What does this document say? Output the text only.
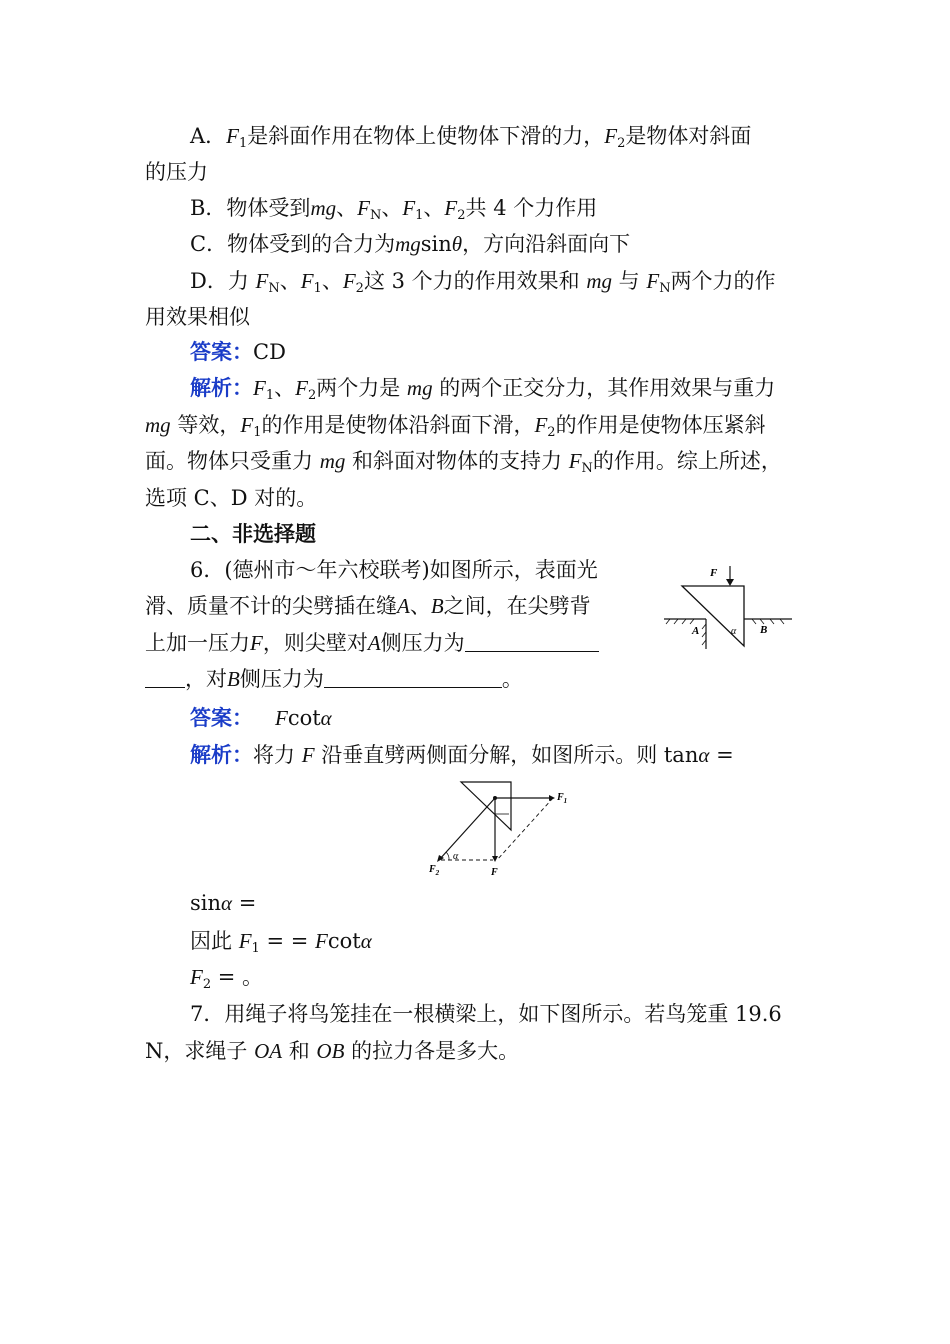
A．F1是斜面作用在物体上使物体下滑的力，F2是物体对斜面
的压力
B．物体受到mg、FN、F1、F2共 4 个力作用
C．物体受到的合力为mgsinθ，方向沿斜面向下
D．力 FN、F1、F2这 3 个力的作用效果和 mg 与 FN两个力的作
用效果相似
答案：CD
解析：F1、F2两个力是 mg 的两个正交分力，其作用效果与重力
mg 等效，F1的作用是使物体沿斜面下滑，F2的作用是使物体压紧斜
面。物体只受重力 mg 和斜面对物体的支持力 FN的作用。综上所述，
选项 C、D 对的。
二、非选择题
6．(德州市～年六校联考)如图所示，表面光
滑、质量不计的尖劈插在缝A、B之间，在尖劈背
上加一压力F，则尖壁对A侧压力为
，对B侧压力为	。
F
A	α B
答案： Fcotα
解析：将力 F 沿垂直劈两侧面分解，如图所示。则 tanα =
$F_1$
$F_2$
α
F
sinα =
因此 F1 = = Fcotα
F2 = 。
7．用绳子将鸟笼挂在一根横梁上，如下图所示。若鸟笼重 19.6
N，求绳子 OA 和 OB 的拉力各是多大。
